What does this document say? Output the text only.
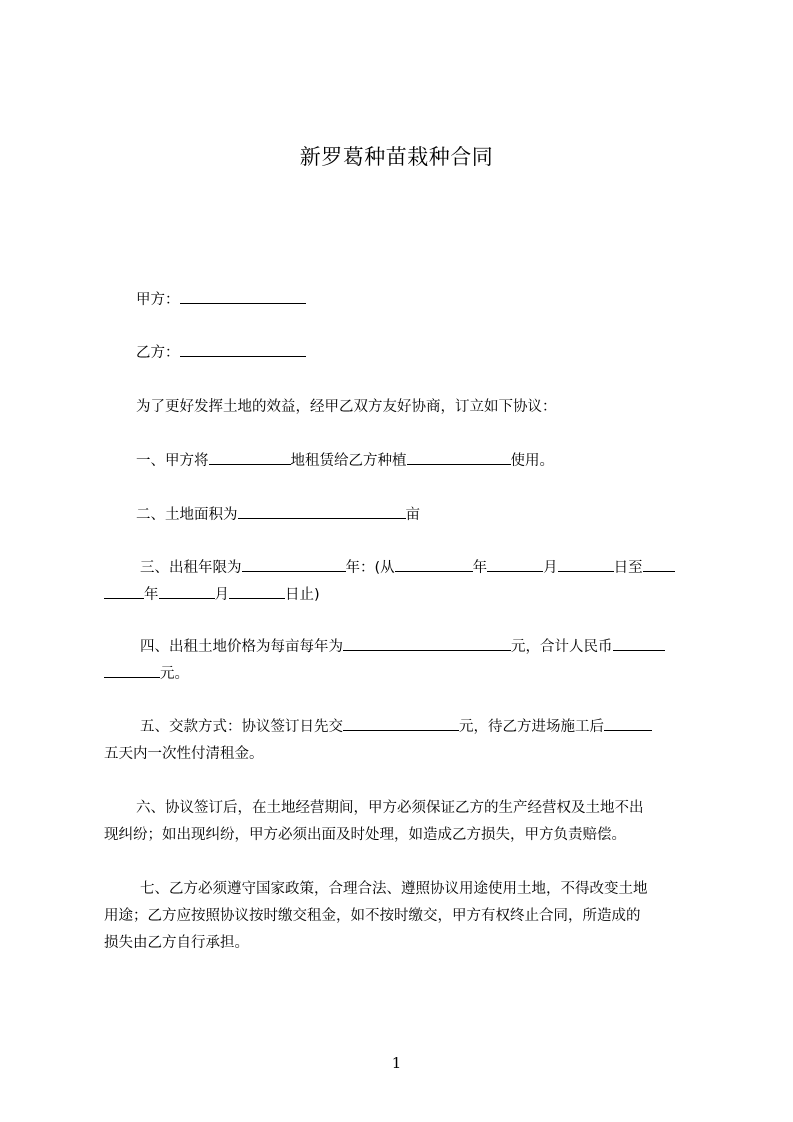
新罗葛种苗栽种合同
甲方：
乙方：
为了更好发挥土地的效益，经甲乙双方友好协商，订立如下协议：
一、甲方将	地租赁给乙方种植	使用。
二、土地面积为	亩
三、出租年限为	年：(从	年	月	日至
年	月	日止)
四、出租土地价格为每亩每年为	元，合计人民币
元。
五、交款方式：协议签订日先交	元，待乙方进场施工后
五天内一次性付清租金。
六、协议签订后，在土地经营期间，甲方必须保证乙方的生产经营权及土地不出
现纠纷；如出现纠纷，甲方必须出面及时处理，如造成乙方损失，甲方负责赔偿。
七、乙方必须遵守国家政策，合理合法、遵照协议用途使用土地，不得改变土地
用途；乙方应按照协议按时缴交租金，如不按时缴交，甲方有权终止合同，所造成的
损失由乙方自行承担。
1
